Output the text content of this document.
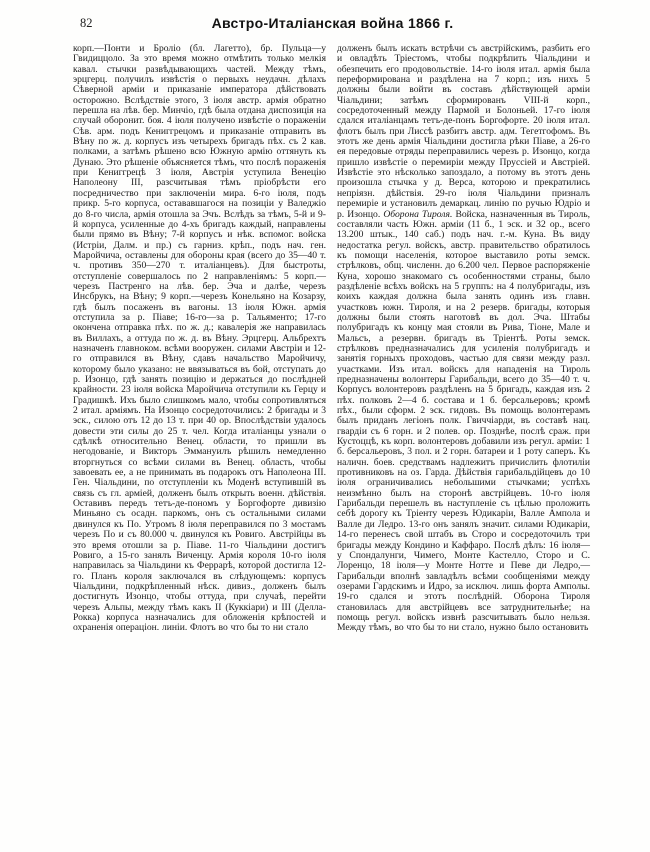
82	Австро-Италіанская война 1866 г.
корп.—Понти и Броліо (бл. Лагетто), бр. Пульца—у Гвидиццоло. За это время можно отмѣтить только мелкія кавал. стычки развѣдывающихъ частей. Между тѣмъ, эрцгерц. получилъ извѣстія о первыхъ неудачн. дѣлахъ Сѣверной арміи и приказаніе императора дѣйствовать осторожно. Вслѣдствіе этого, 3 іюля австр. армія обратно перешла на лѣв. бер. Минчіо, гдѣ была отдана диспозиція на случай оборонит. боя. 4 іюля получено извѣстіе о пораженіи Сѣв. арм. подъ Кениггрецомъ и приказаніе отправить въ Вѣну по ж. д. корпусъ изъ четырехъ бригадъ пѣх. съ 2 кав. полками, а затѣмъ рѣшено всю Южную армію оттянуть къ Дунаю. Это рѣшеніе объясняется тѣмъ, что послѣ пораженія при Кениггрецѣ 3 іюля, Австрія уступила Венецію Наполеону III, разсчитывая тѣмъ пріобрѣсти его посредничество при заключеніи мира. 6-го іюля, подъ прикр. 5-го корпуса, остававшагося на позиціи у Валеджіо до 8-го числа, армія отошла за Эчъ. Вслѣдъ за тѣмъ, 5-й и 9-й корпуса, усиленные до 4-хъ бригадъ каждый, направлены были прямо въ Вѣну; 7-й корпусъ и нѣк. вспомог. войска (Истріи, Далм. и пр.) съ гарниз. крѣп., подъ нач. ген. Маройчича, оставлены для обороны края (всего до 35—40 т. ч. противъ 350—270 т. италіанцевъ). Для быстроты, отступленіе совершалось по 2 направленіямъ: 5 корп.—черезъ Пастренго на лѣв. бер. Эча и далѣе, черезъ Инсбрукъ, на Вѣну; 9 корп.—черезъ Конельяно на Козарзу, гдѣ былъ посаженъ въ вагоны. 13 іюля Южн. армія отступила за р. Піаве; 16-го—за р. Тальяменто; 17-го окончена отправка пѣх. по ж. д.; кавалерія же направилась въ Виллахъ, а оттуда по ж. д. въ Вѣну. Эрцгерц. Альбрехтъ назначенъ главноком. всѣми вооружен. силами Австріи и 12-го отправился въ Вѣну, сдавъ начальство Маройчичу, которому было указано: не ввязываться въ бой, отступать до р. Изонцо, гдѣ занять позицію и держаться до послѣдней крайности. 23 іюля войска Маройчича отступили къ Герцу и Градишкѣ. Ихъ было слишкомъ мало, чтобы сопротивляться 2 итал. арміямъ. На Изонцо сосредоточились: 2 бригады и 3 эск., силою отъ 12 до 13 т. при 40 ор. Впослѣдствіи удалось довести эти силы до 25 т. чел. Когда италіанцы узнали о сдѣлкѣ относительно Венец. области, то пришли въ негодованіе, и Викторъ Эммануилъ рѣшилъ немедленно вторгнуться со всѣми силами въ Венец. область, чтобы завоевать ее, а не принимать въ подарокъ отъ Наполеона III. Ген. Чіальдини, по отступленіи къ Моденѣ вступившій въ связь съ гл. арміей, долженъ былъ открыть военн. дѣйствія. Оставивъ передъ тетъ-де-пономъ у Боргофорте дивизію Миньяно съ осадн. паркомъ, онъ съ остальными силами двинулся къ По. Утромъ 8 іюля переправился по 3 мостамъ черезъ По и съ 80.000 ч. двинулся къ Ровиго. Австрійцы въ это время отошли за р. Піаве. 11-го Чіальдини достигъ Ровиго, а 15-го занялъ Виченцу. Армія короля 10-го іюля направилась за Чіальдини къ Феррарѣ, которой достигла 12-го. Планъ короля заключался въ слѣдующемъ: корпусъ Чіальдини, подкрѣпленный нѣск. дивиз., долженъ былъ достигнуть Изонцо, чтобы оттуда, при случаѣ, перейти черезъ Альпы, между тѣмъ какъ II (Куккіари) и III (Делла-Рокка) корпуса назначались для обложенія крѣпостей и охраненія операціон. линіи. Флотъ во что бы то ни стало
долженъ былъ искать встрѣчи съ австрійскимъ, разбить его и овладѣть Тріестомъ, чтобы подкрѣпить Чіальдини и обезпечить его продовольствіе. 14-го іюля итал. армія была переформирована и раздѣлена на 7 корп.; изъ нихъ 5 должны были войти въ составъ дѣйствующей арміи Чіальдини; затѣмъ сформированъ VIII-й корп., сосредоточенный между Пармой и Болоньей. 17-го іюля сдался италіанцамъ тетъ-де-понъ Боргофорте. 20 іюля итал. флотъ былъ при Лиссѣ разбитъ австр. адм. Тегетгофомъ. Въ этотъ же день армія Чіальдини достигла рѣки Піаве, а 26-го ея передовые отряды переправились черезъ р. Изонцо, когда пришло извѣстіе о перемиріи между Пруссіей и Австріей. Извѣстіе это нѣсколько запоздало, а потому въ этотъ день произошла стычка у д. Верса, которою и прекратились непріязн. дѣйствія. 29-го іюля Чіальдини призналъ перемиріе и установилъ демаркац. линію по ручью Юдріо и р. Изонцо. Оборона Тироля. Войска, назначенныя въ Тироль, составляли часть Южн. арміи (11 б., 1 эск. и 32 ор., всего 13.200 штык., 140 саб.) подъ нач. г.-м. Куна. Въ виду недостатка регул. войскъ, австр. правительство обратилось къ помощи населенія, которое выставило роты земск. стрѣлковъ, общ. численн. до 6.200 чел. Первое распоряженіе Куна, хорошо знакомаго съ особенностями страны, было раздѣленіе всѣхъ войскъ на 5 группъ: на 4 полубригады, изъ коихъ каждая должна была занять одинъ изъ главн. участковъ южн. Тироля, и на 2 резерв. бригады, которыя должны были стоять наготовѣ въ дол. Эча. Штабы полубригадъ къ концу мая стояли въ Рива, Тіоне, Мале и Мальсъ, а резервн. бригадъ въ Тріентѣ. Роты земск. стрѣлковъ предназначались для усиленія полубригадъ и занятія горныхъ проходовъ, частью для связи между разл. участками. Изъ итал. войскъ для нападенія на Тироль предназначены волонтеры Гарибальди, всего до 35—40 т. ч. Корпусъ волонтеровъ раздѣленъ на 5 бригадъ, каждая изъ 2 пѣх. полковъ 2—4 б. состава и 1 б. берсальеровъ; кромѣ пѣх., были сформ. 2 эск. гидовъ. Въ помощь волонтерамъ былъ приданъ легіонъ полк. Гвиччіарди, въ составѣ нац. гвардіи съ 6 горн. и 2 полев. ор. Позднѣе, послѣ сраж. при Кустоццѣ, къ корп. волонтеровъ добавили изъ регул. арміи: 1 б. берсальеровъ, 3 пол. и 2 горн. батареи и 1 роту саперъ. Къ наличн. боев. средствамъ надлежитъ причислить флотиліи противниковъ на оз. Гарда. Дѣйствія гарибальдійцевъ до 10 іюля ограничивались небольшими стычками; успѣхъ неизмѣнно былъ на сторонѣ австрійцевъ. 10-го іюля Гарибальди перешелъ въ наступленіе съ цѣлью проложить себѣ дорогу къ Тріенту черезъ Юдикаріи, Валле Ампола и Валле ди Ледро. 13-го онъ занялъ значит. силами Юдикаріи, 14-го перенесъ свой штабъ въ Сторо и сосредоточилъ три бригады между Кондино и Каффаро. Послѣ дѣлъ: 16 іюля—у Спондалунги, Чимего, Монте Кастелло, Сторо и С. Лоренцо, 18 іюля—у Монте Нотте и Певе ди Ледро,—Гарибальди вполнѣ завладѣлъ всѣми сообщеніями между озерами Гардскимъ и Идро, за исключ. лишь форта Амполы. 19-го сдался и этотъ послѣдній. Оборона Тироля становилась для австрійцевъ все затруднительнѣе; на помощь регул. войскъ извнѣ разсчитывать было нельзя. Между тѣмъ, во что бы то ни стало, нужно было остановить
